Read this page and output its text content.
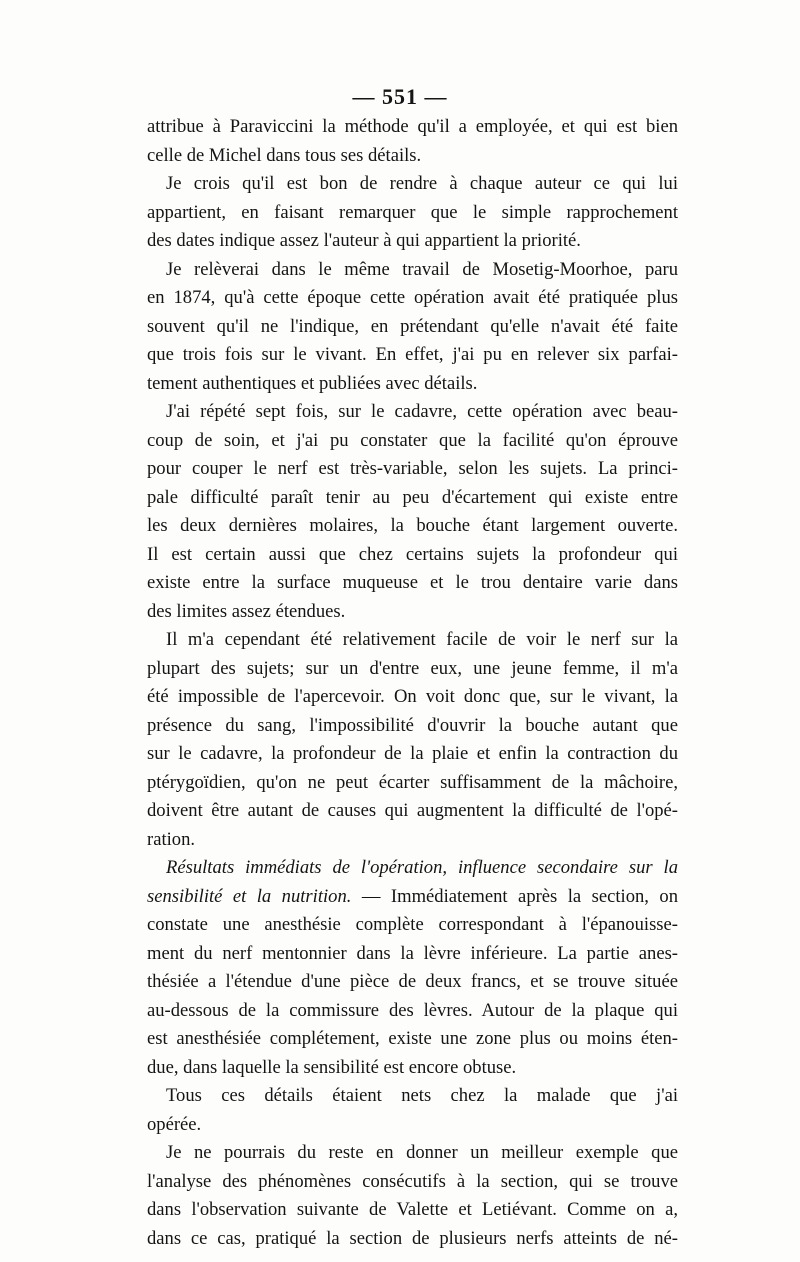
— 551 —
attribue à Paraviccini la méthode qu'il a employée, et qui est bien
celle de Michel dans tous ses détails.
Je crois qu'il est bon de rendre à chaque auteur ce qui lui
appartient, en faisant remarquer que le simple rapprochement
des dates indique assez l'auteur à qui appartient la priorité.
Je relèverai dans le même travail de Mosetig-Moorhoe, paru
en 1874, qu'à cette époque cette opération avait été pratiquée plus
souvent qu'il ne l'indique, en prétendant qu'elle n'avait été faite
que trois fois sur le vivant. En effet, j'ai pu en relever six parfai-
tement authentiques et publiées avec détails.
J'ai répété sept fois, sur le cadavre, cette opération avec beau-
coup de soin, et j'ai pu constater que la facilité qu'on éprouve
pour couper le nerf est très-variable, selon les sujets. La princi-
pale difficulté paraît tenir au peu d'écartement qui existe entre
les deux dernières molaires, la bouche étant largement ouverte.
Il est certain aussi que chez certains sujets la profondeur qui
existe entre la surface muqueuse et le trou dentaire varie dans
des limites assez étendues.
Il m'a cependant été relativement facile de voir le nerf sur la
plupart des sujets; sur un d'entre eux, une jeune femme, il m'a
été impossible de l'apercevoir. On voit donc que, sur le vivant, la
présence du sang, l'impossibilité d'ouvrir la bouche autant que
sur le cadavre, la profondeur de la plaie et enfin la contraction du
ptérygoïdien, qu'on ne peut écarter suffisamment de la mâchoire,
doivent être autant de causes qui augmentent la difficulté de l'opé-
ration.
Résultats immédiats de l'opération, influence secondaire sur la
sensibilité et la nutrition. — Immédiatement après la section, on
constate une anesthésie complète correspondant à l'épanouisse-
ment du nerf mentonnier dans la lèvre inférieure. La partie anes-
thésiée a l'étendue d'une pièce de deux francs, et se trouve située
au-dessous de la commissure des lèvres. Autour de la plaque qui
est anesthésiée complétement, existe une zone plus ou moins éten-
due, dans laquelle la sensibilité est encore obtuse.
Tous ces détails étaient nets chez la malade que j'ai
opérée.
Je ne pourrais du reste en donner un meilleur exemple que
l'analyse des phénomènes consécutifs à la section, qui se trouve
dans l'observation suivante de Valette et Letiévant. Comme on a,
dans ce cas, pratiqué la section de plusieurs nerfs atteints de né-
